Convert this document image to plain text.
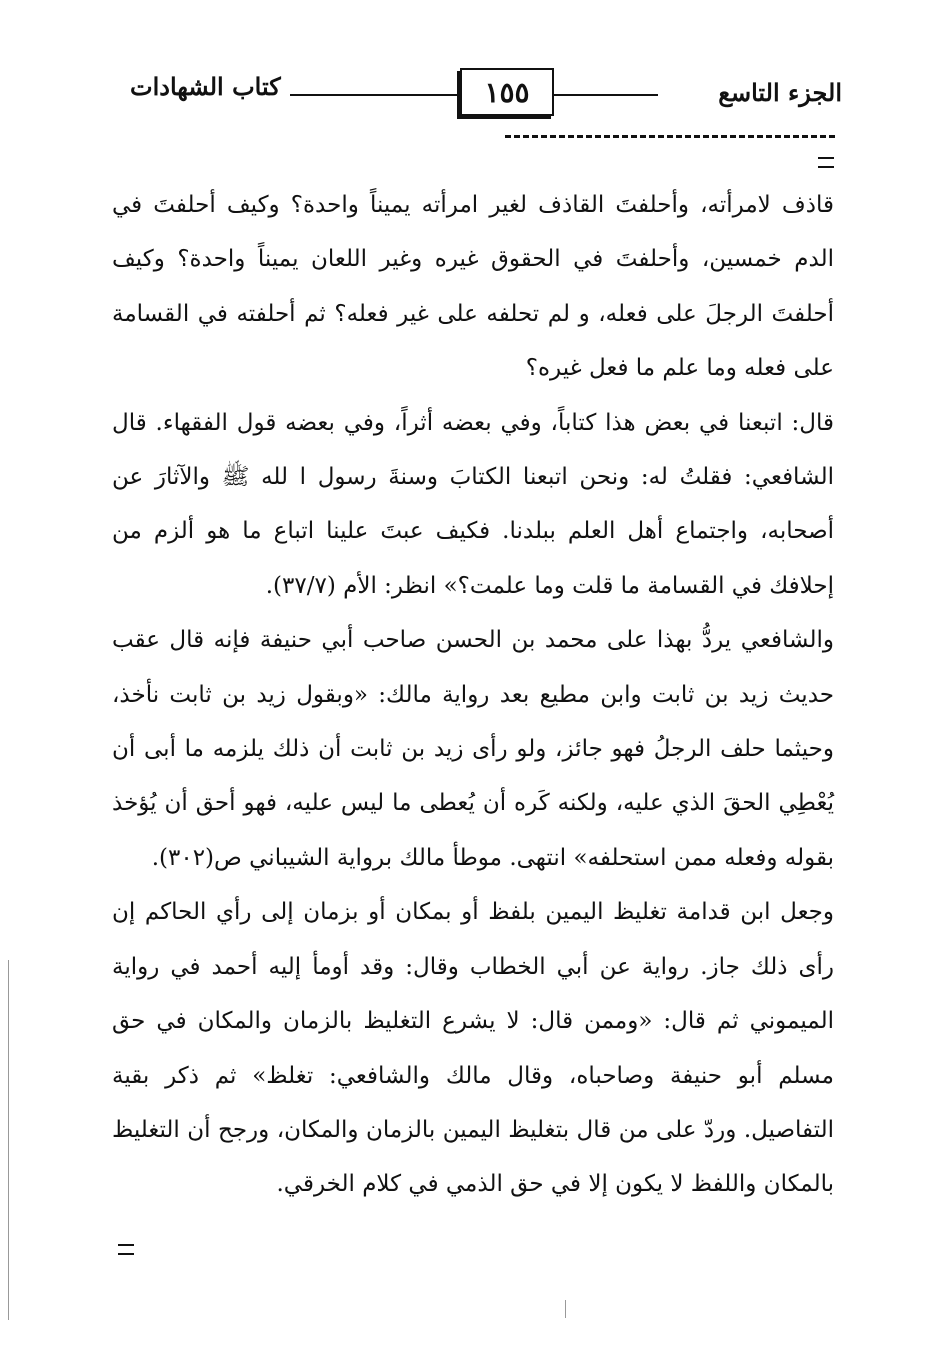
الجزء التاسع
١٥٥
كتاب الشهادات

قاذف لامرأته، وأحلفتَ القاذف لغير امرأته يميناً واحدة؟ وكيف أحلفتَ في الدم خمسين، وأحلفتَ في الحقوق غيره وغير اللعان يميناً واحدة؟ وكيف أحلفتَ الرجلَ على فعله، و لم تحلفه على غير فعله؟ ثم أحلفته في القسامة على فعله وما علم ما فعل غيره؟

قال: اتبعنا في بعض هذا كتاباً، وفي بعضه أثراً، وفي بعضه قول الفقهاء. قال الشافعي: فقلتُ له: ونحن اتبعنا الكتابَ وسنةَ رسول ا لله ﷺ والآثارَ عن أصحابه، واجتماع أهل العلم ببلدنا. فكيف عبتَ علينا اتباع ما هو ألزم من إحلافك في القسامة ما قلت وما علمت؟» انظر: الأم (٣٧/٧).

والشافعي يردُّ بهذا على محمد بن الحسن صاحب أبي حنيفة فإنه قال عقب حديث زيد بن ثابت وابن مطيع بعد رواية مالك: «وبقول زيد بن ثابت نأخذ، وحيثما حلف الرجلُ فهو جائز، ولو رأى زيد بن ثابت أن ذلك يلزمه ما أبى أن يُعْطِي الحقَ الذي عليه، ولكنه كَره أن يُعطى ما ليس عليه، فهو أحق أن يُؤخذ بقوله وفعله ممن استحلفه» انتهى. موطأ مالك برواية الشيباني ص(٣٠٢).

وجعل ابن قدامة تغليظ اليمين بلفظ أو بمكان أو بزمان إلى رأي الحاكم إن رأى ذلك جاز. رواية عن أبي الخطاب وقال: وقد أومأ إليه أحمد في رواية الميموني ثم قال: «وممن قال: لا يشرع التغليظ بالزمان والمكان في حق مسلم أبو حنيفة وصاحباه، وقال مالك والشافعي: تغلظ» ثم ذكر بقية التفاصيل. وردّ على من قال بتغليظ اليمين بالزمان والمكان، ورجح أن التغليظ بالمكان واللفظ لا يكون إلا في حق الذمي في كلام الخرقي.
